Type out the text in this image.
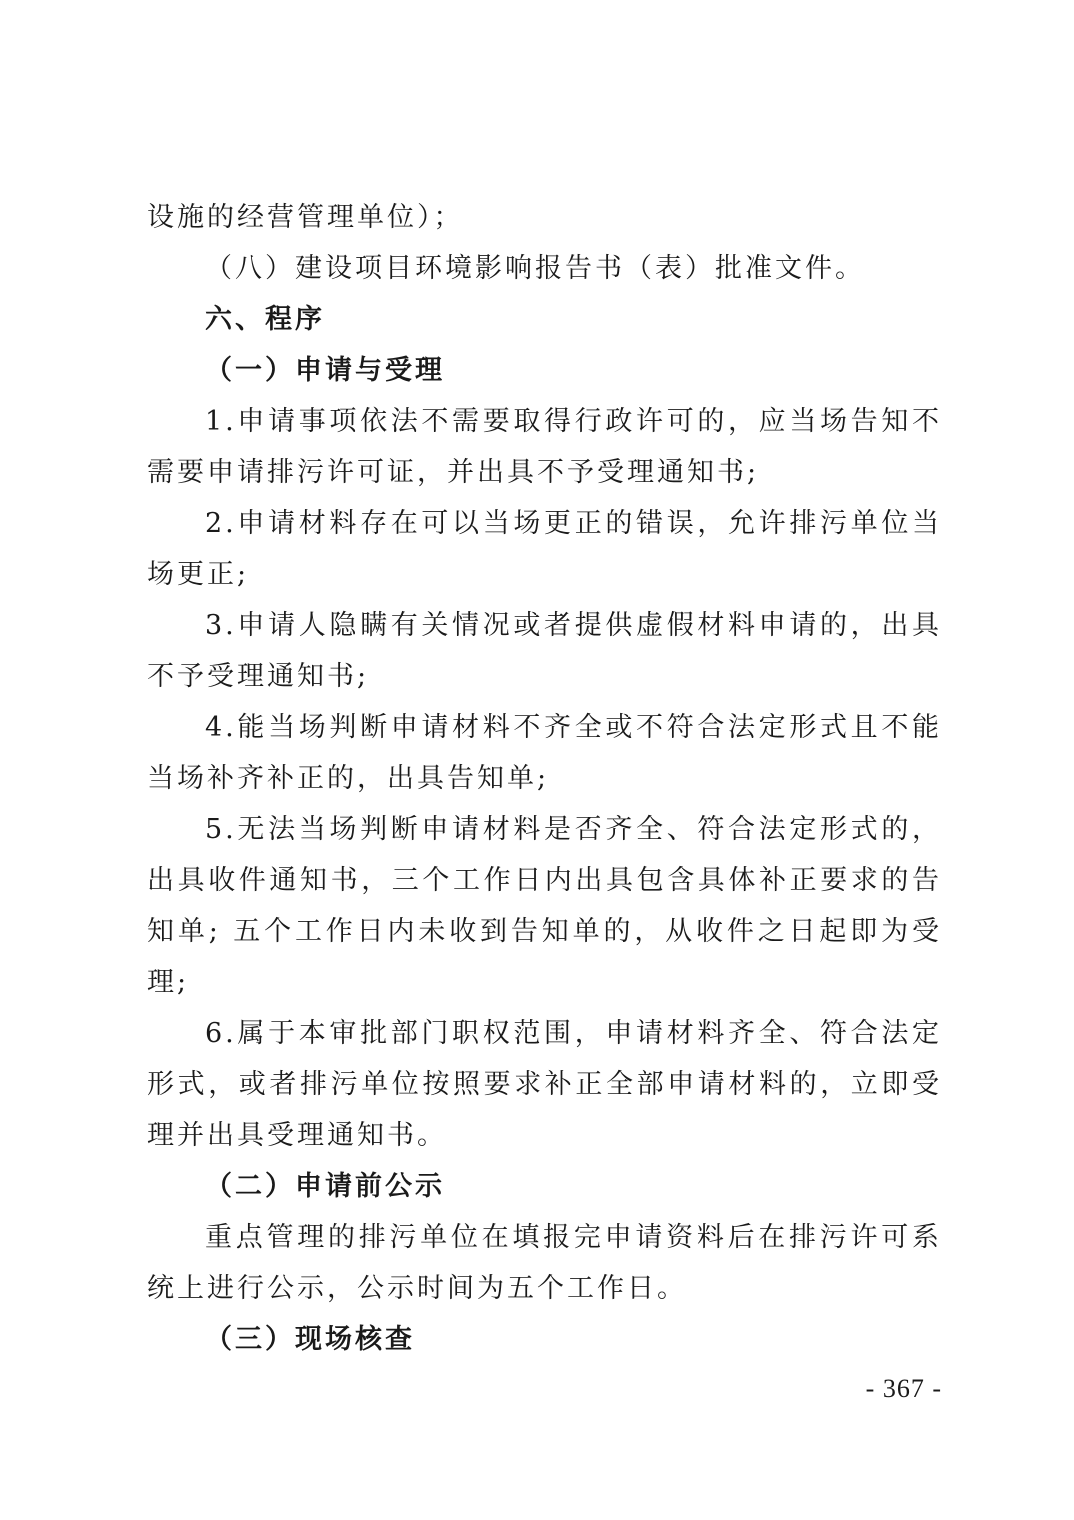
设施的经营管理单位）；

（八）建设项目环境影响报告书（表）批准文件。

六、程序

（一）申请与受理

1.申请事项依法不需要取得行政许可的，应当场告知不需要申请排污许可证，并出具不予受理通知书;

2.申请材料存在可以当场更正的错误，允许排污单位当场更正;

3.申请人隐瞒有关情况或者提供虚假材料申请的，出具不予受理通知书;

4.能当场判断申请材料不齐全或不符合法定形式且不能当场补齐补正的，出具告知单;

5.无法当场判断申请材料是否齐全、符合法定形式的，出具收件通知书，三个工作日内出具包含具体补正要求的告知单; 五个工作日内未收到告知单的，从收件之日起即为受理;

6.属于本审批部门职权范围，申请材料齐全、符合法定形式，或者排污单位按照要求补正全部申请材料的，立即受理并出具受理通知书。

（二）申请前公示

重点管理的排污单位在填报完申请资料后在排污许可系统上进行公示，公示时间为五个工作日。

（三）现场核查

- 367 -
